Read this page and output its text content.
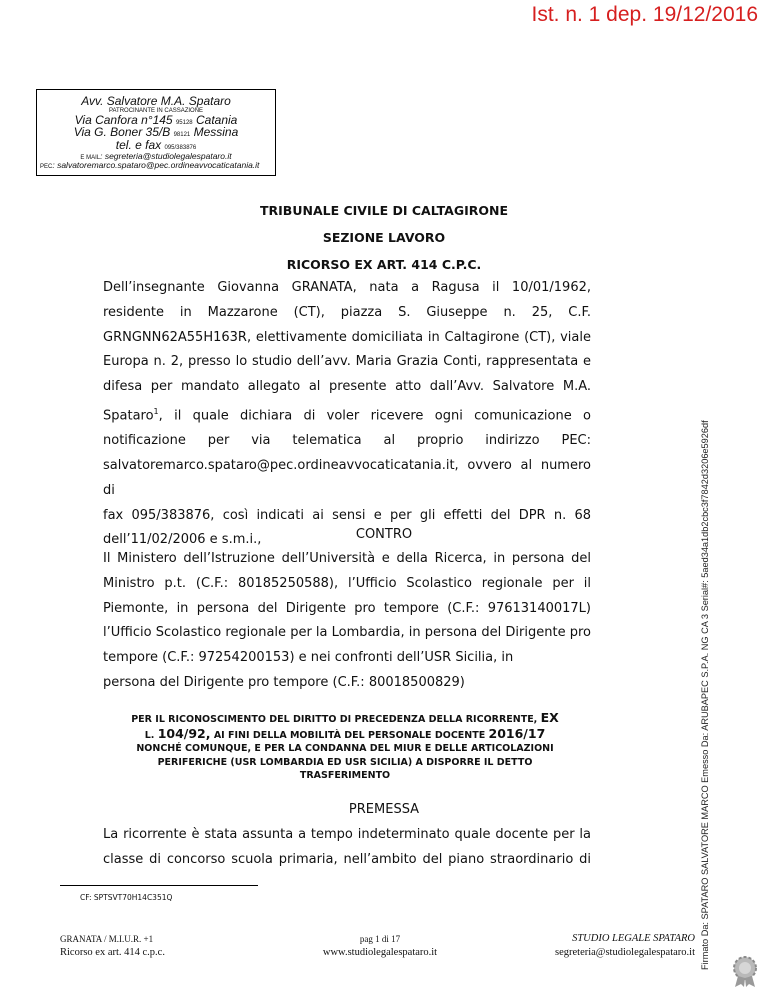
Ist. n. 1 dep. 19/12/2016
Firmato Da: SPATARO SALVATORE MARCO Emesso Da: ARUBAPEC S.P.A. NG CA 3 Serial#: 5aed34a1db2cbc3f7842d3206e5926df
Avv. Salvatore M.A. Spataro
PATROCINANTE IN CASSAZIONE
Via Canfora n°145 95128 Catania
Via G. Boner 35/B 98121 Messina
tel. e fax 095/383876
E MAIL: segreteria@studiolegalespataro.it
PEC: salvatoremarco.spataro@pec.ordineavvocaticatania.it
TRIBUNALE CIVILE DI CALTAGIRONE
SEZIONE LAVORO
RICORSO EX ART. 414 C.P.C.
Dell’insegnante Giovanna GRANATA, nata a Ragusa il 10/01/1962,
residente in Mazzarone (CT), piazza S. Giuseppe n. 25, C.F.
GRNGNN62A55H163R, elettivamente domiciliata in Caltagirone (CT), viale
Europa n. 2, presso lo studio dell’avv. Maria Grazia Conti, rappresentata e
difesa per mandato allegato al presente atto dall’Avv. Salvatore M.A.
Spataro$^1$, il quale dichiara di voler ricevere ogni comunicazione o
notificazione per via telematica al proprio indirizzo PEC:
salvatoremarco.spataro@pec.ordineavvocaticatania.it, ovvero al numero di
fax 095/383876, così indicati ai sensi e per gli effetti del DPR n. 68
dell’11/02/2006 e s.m.i.,	CONTRO
Il Ministero dell’Istruzione dell’Università e della Ricerca, in persona del
Ministro p.t. (C.F.: 80185250588), l’Ufficio Scolastico regionale per il
Piemonte, in persona del Dirigente pro tempore (C.F.: 97613140017L)
l’Ufficio Scolastico regionale per la Lombardia, in persona del Dirigente pro
tempore (C.F.: 97254200153) e nei confronti dell’USR Sicilia, in
persona del Dirigente pro tempore (C.F.: 80018500829)
PER IL RICONOSCIMENTO DEL DIRITTO DI PRECEDENZA DELLA RICORRENTE, EX
L. 104/92, AI FINI DELLA MOBILITÀ DEL PERSONALE DOCENTE 2016/17
NONCHÉ COMUNQUE, E PER LA CONDANNA DEL MIUR E DELLE ARTICOLAZIONI
PERIFERICHE (USR LOMBARDIA ED USR SICILIA) A DISPORRE IL DETTO
TRASFERIMENTO
PREMESSA
La ricorrente è stata assunta a tempo indeterminato quale docente per la
classe di concorso scuola primaria, nell’ambito del piano straordinario di
CF: SPTSVT70H14C351Q
GRANATA / M.I.U.R. +1
Ricorso ex art. 414 c.p.c.
pag 1 di 17
www.studiolegalespataro.it
STUDIO LEGALE SPATARO
segreteria@studiolegalespataro.it
